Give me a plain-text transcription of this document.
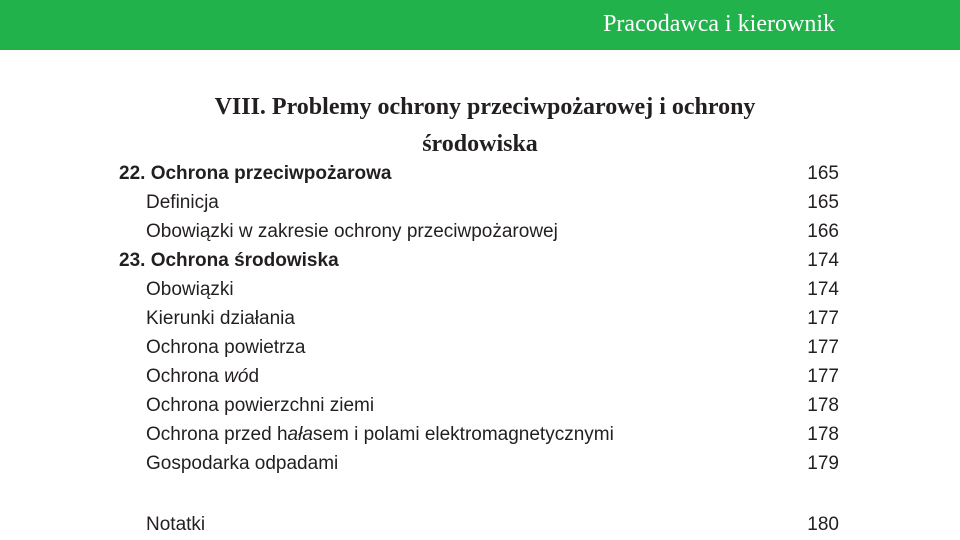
Pracodawca i kierownik
VIII. Problemy ochrony przeciwpożarowej i ochrony
środowiska
22. Ochrona przeciwpożarowa	165
Definicja	165
Obowiązki w zakresie ochrony przeciwpożarowej	166
23. Ochrona środowiska	174
Obowiązki	174
Kierunki działania	177
Ochrona powietrza	177
Ochrona wód	177
Ochrona powierzchni ziemi	178
Ochrona przed hałasem i polami elektromagnetycznymi	178
Gospodarka odpadami	179
Notatki	180
